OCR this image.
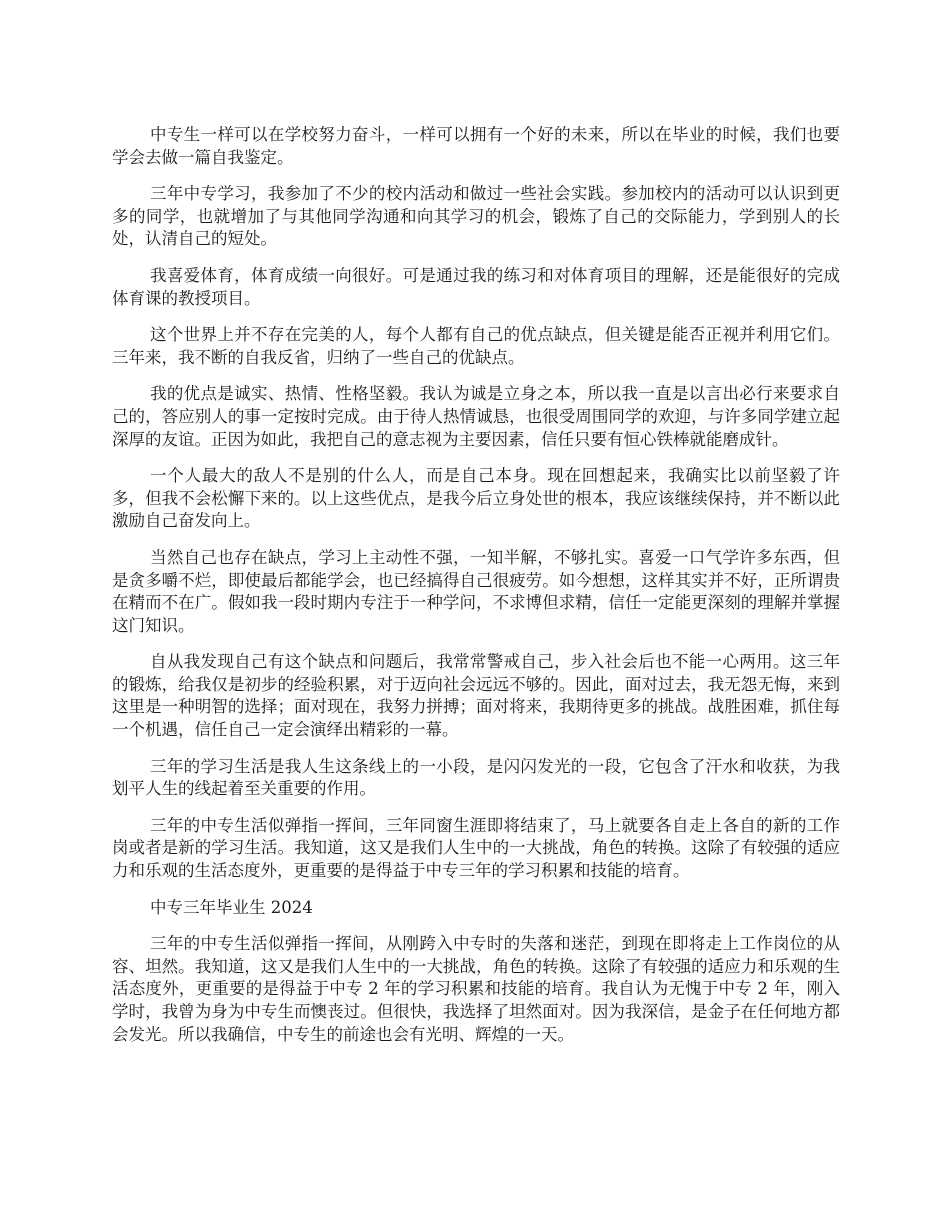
中专生一样可以在学校努力奋斗，一样可以拥有一个好的未来，所以在毕业的时候，我们也要学会去做一篇自我鉴定。

三年中专学习，我参加了不少的校内活动和做过一些社会实践。参加校内的活动可以认识到更多的同学，也就增加了与其他同学沟通和向其学习的机会，锻炼了自己的交际能力，学到别人的长处，认清自己的短处。

我喜爱体育，体育成绩一向很好。可是通过我的练习和对体育项目的理解，还是能很好的完成体育课的教授项目。

这个世界上并不存在完美的人，每个人都有自己的优点缺点，但关键是能否正视并利用它们。三年来，我不断的自我反省，归纳了一些自己的优缺点。

我的优点是诚实、热情、性格坚毅。我认为诚是立身之本，所以我一直是以言出必行来要求自己的，答应别人的事一定按时完成。由于待人热情诚恳，也很受周围同学的欢迎，与许多同学建立起深厚的友谊。正因为如此，我把自己的意志视为主要因素，信任只要有恒心铁棒就能磨成针。

一个人最大的敌人不是别的什么人，而是自己本身。现在回想起来，我确实比以前坚毅了许多，但我不会松懈下来的。以上这些优点，是我今后立身处世的根本，我应该继续保持，并不断以此激励自己奋发向上。

当然自己也存在缺点，学习上主动性不强，一知半解，不够扎实。喜爱一口气学许多东西，但是贪多嚼不烂，即使最后都能学会，也已经搞得自己很疲劳。如今想想，这样其实并不好，正所谓贵在精而不在广。假如我一段时期内专注于一种学问，不求博但求精，信任一定能更深刻的理解并掌握这门知识。

自从我发现自己有这个缺点和问题后，我常常警戒自己，步入社会后也不能一心两用。这三年的锻炼，给我仅是初步的经验积累，对于迈向社会远远不够的。因此，面对过去，我无怨无悔，来到这里是一种明智的选择；面对现在，我努力拼搏；面对将来，我期待更多的挑战。战胜困难，抓住每一个机遇，信任自己一定会演绎出精彩的一幕。

三年的学习生活是我人生这条线上的一小段，是闪闪发光的一段，它包含了汗水和收获，为我划平人生的线起着至关重要的作用。

三年的中专生活似弹指一挥间，三年同窗生涯即将结束了，马上就要各自走上各自的新的工作岗或者是新的学习生活。我知道，这又是我们人生中的一大挑战，角色的转换。这除了有较强的适应力和乐观的生活态度外，更重要的是得益于中专三年的学习积累和技能的培育。

中专三年毕业生 2024

三年的中专生活似弹指一挥间，从刚跨入中专时的失落和迷茫，到现在即将走上工作岗位的从容、坦然。我知道，这又是我们人生中的一大挑战，角色的转换。这除了有较强的适应力和乐观的生活态度外，更重要的是得益于中专 2 年的学习积累和技能的培育。我自认为无愧于中专 2 年，刚入学时，我曾为身为中专生而懊丧过。但很快，我选择了坦然面对。因为我深信，是金子在任何地方都会发光。所以我确信，中专生的前途也会有光明、辉煌的一天。
